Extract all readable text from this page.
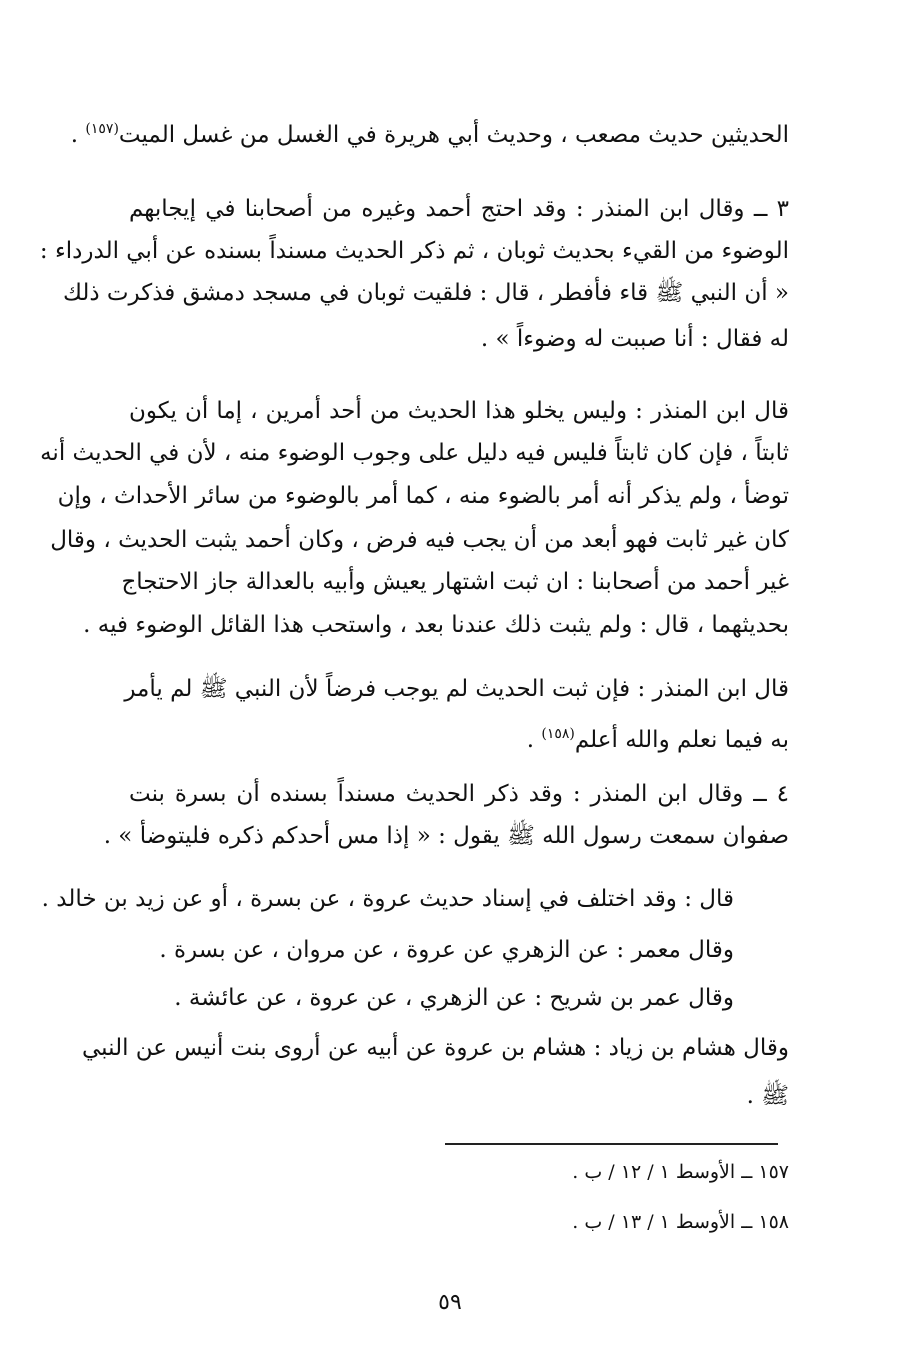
الحديثين حديث مصعب ، وحديث أبي هريرة في الغسل من غسل الميت$^{(١٥٧)}$ .
٣ ــ وقال ابن المنذر : وقد احتج أحمد وغيره من أصحابنا في إيجابهم
الوضوء من القيء بحديث ثوبان ، ثم ذكر الحديث مسنداً بسنده عن أبي الدرداء :
« أن النبي ﷺ قاء فأفطر ، قال : فلقيت ثوبان في مسجد دمشق فذكرت ذلك
له فقال : أنا صببت له وضوءاً » .
قال ابن المنذر : وليس يخلو هذا الحديث من أحد أمرين ، إما أن يكون
ثابتاً ، فإن كان ثابتاً فليس فيه دليل على وجوب الوضوء منه ، لأن في الحديث أنه
توضأ ، ولم يذكر أنه أمر بالضوء منه ، كما أمر بالوضوء من سائر الأحداث ، وإن
كان غير ثابت فهو أبعد من أن يجب فيه فرض ، وكان أحمد يثبت الحديث ، وقال
غير أحمد من أصحابنا : ان ثبت اشتهار يعيش وأبيه بالعدالة جاز الاحتجاج
بحديثهما ، قال : ولم يثبت ذلك عندنا بعد ، واستحب هذا القائل الوضوء فيه .
قال ابن المنذر : فإن ثبت الحديث لم يوجب فرضاً لأن النبي ﷺ لم يأمر
به فيما نعلم والله أعلم$^{(١٥٨)}$ .
٤ ــ وقال ابن المنذر : وقد ذكر الحديث مسنداً بسنده أن بسرة بنت
صفوان سمعت رسول الله ﷺ يقول : « إذا مس أحدكم ذكره فليتوضأ » .
قال : وقد اختلف في إسناد حديث عروة ، عن بسرة ، أو عن زيد بن خالد .
وقال معمر : عن الزهري عن عروة ، عن مروان ، عن بسرة .
وقال عمر بن شريح : عن الزهري ، عن عروة ، عن عائشة .
وقال هشام بن زياد : هشام بن عروة عن أبيه عن أروى بنت أنيس عن النبي
ﷺ .
١٥٧ ــ الأوسط ١ / ١٢ / ب .
١٥٨ ــ الأوسط ١ / ١٣ / ب .
٥٩
